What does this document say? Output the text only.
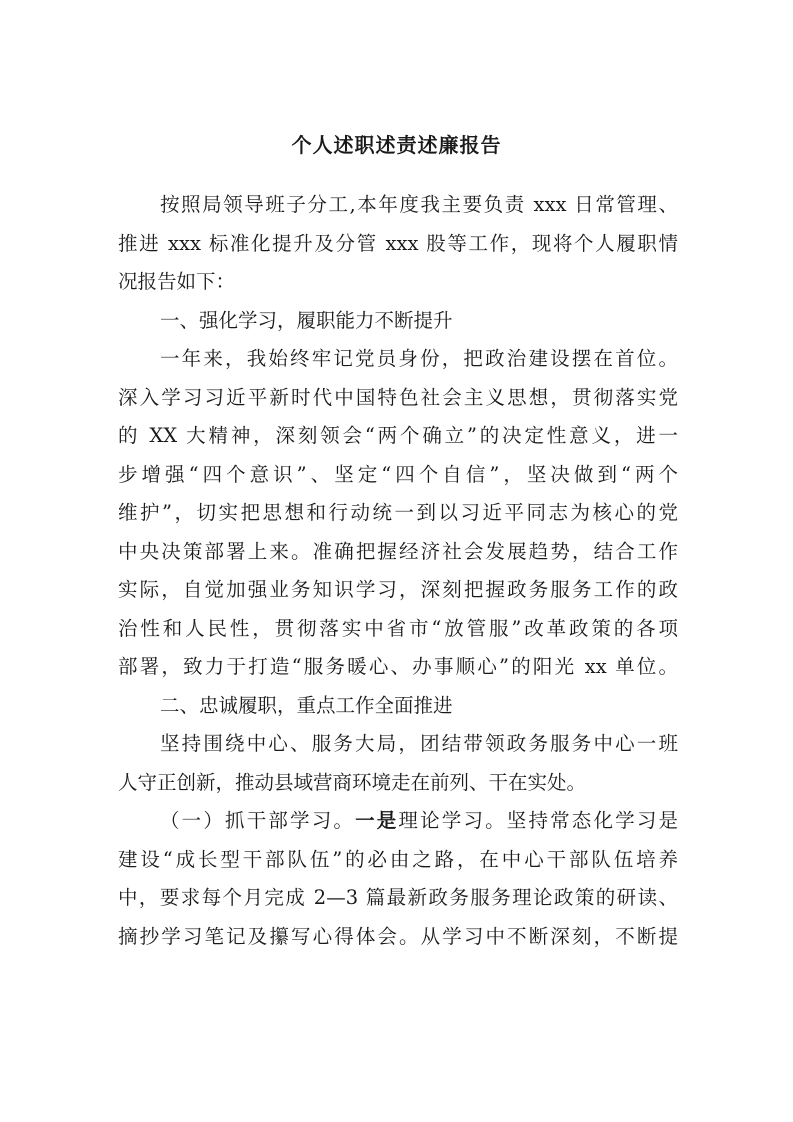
个人述职述责述廉报告
按照局领导班子分工,本年度我主要负责 xxx 日常管理、
推进 xxx 标准化提升及分管 xxx 股等工作，现将个人履职情
况报告如下：
一、强化学习，履职能力不断提升
一年来，我始终牢记党员身份，把政治建设摆在首位。
深入学习习近平新时代中国特色社会主义思想，贯彻落实党
的 XX 大精神，深刻领会“两个确立”的决定性意义，进一
步增强“四个意识”、坚定“四个自信”，坚决做到“两个
维护”，切实把思想和行动统一到以习近平同志为核心的党
中央决策部署上来。准确把握经济社会发展趋势，结合工作
实际，自觉加强业务知识学习，深刻把握政务服务工作的政
治性和人民性，贯彻落实中省市“放管服”改革政策的各项
部署，致力于打造“服务暖心、办事顺心”的阳光 xx 单位。
二、忠诚履职，重点工作全面推进
坚持围绕中心、服务大局，团结带领政务服务中心一班
人守正创新，推动县域营商环境走在前列、干在实处。
（一）抓干部学习。一是理论学习。坚持常态化学习是
建设“成长型干部队伍”的必由之路，在中心干部队伍培养
中，要求每个月完成 2—3 篇最新政务服务理论政策的研读、
摘抄学习笔记及攥写心得体会。从学习中不断深刻，不断提
